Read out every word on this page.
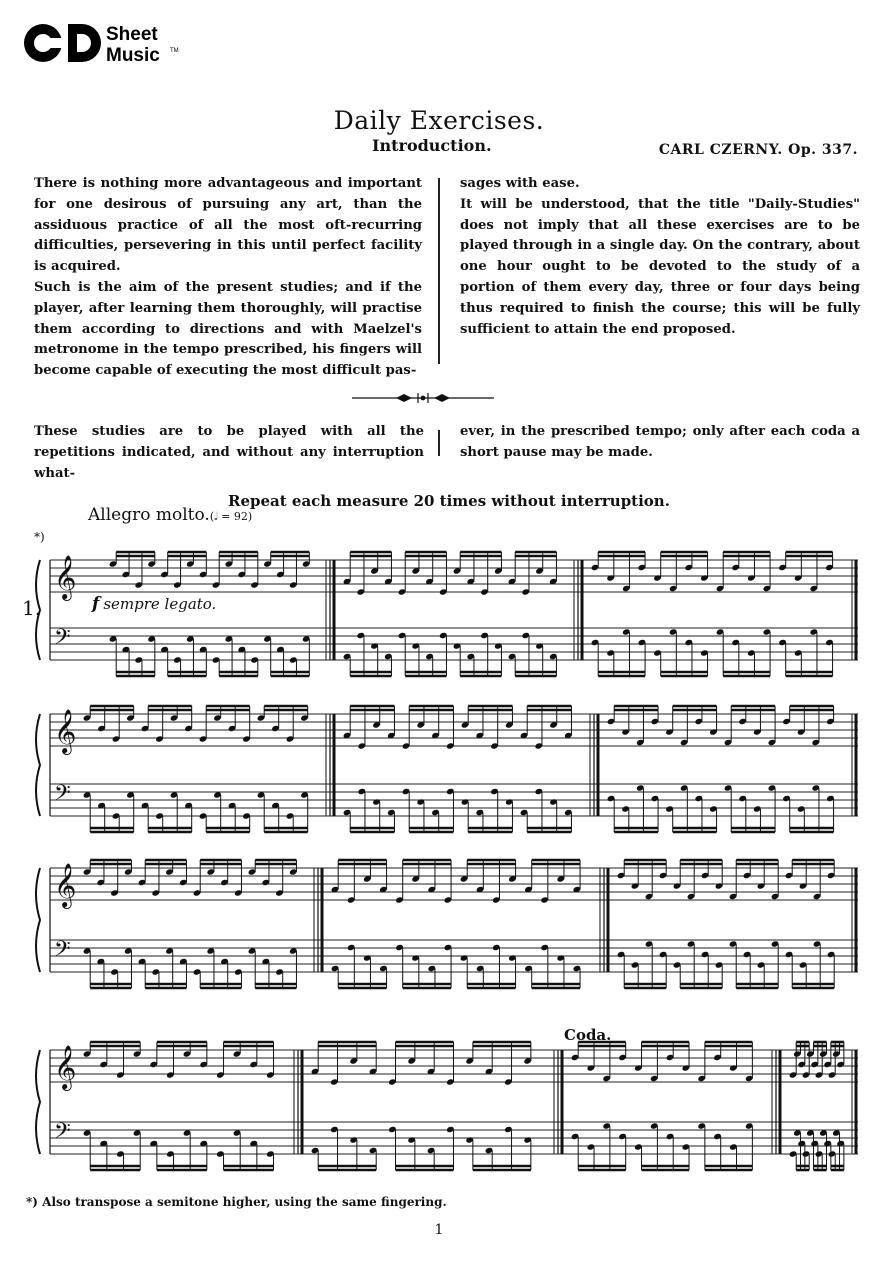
Sheet
Music TM
Daily Exercises.
Introduction.	CARL CZERNY. Op. 337.

There is nothing more advantageous and important for one desirous of pursuing any art, than the assiduous practice of all the most oft-recurring difficulties, persevering in this until perfect facility is acquired.

Such is the aim of the present studies; and if the player, after learning them thoroughly, will practise them according to directions and with Maelzel's metronome in the tempo prescribed, his fingers will become capable of executing the most difficult pas-

sages with ease.

It will be understood, that the title "Daily-Studies" does not imply that all these exercises are to be played through in a single day. On the contrary, about one hour ought to be devoted to the study of a portion of them every day, three or four days being thus required to finish the course; this will be fully sufficient to attain the end proposed.

These studies are to be played with all the repetitions indicated, and without any interruption what-

ever, in the prescribed tempo; only after each coda a short pause may be made.

Repeat each measure 20 times without interruption.
Allegro molto.(𝅗𝅥 = 92)
*)
1.	f sempre legato.
Coda.
𝄞
𝄢
𝄞
𝄢
𝄞
𝄢
𝄞
𝄢
*) Also transpose a semitone higher, using the same fingering.
1
